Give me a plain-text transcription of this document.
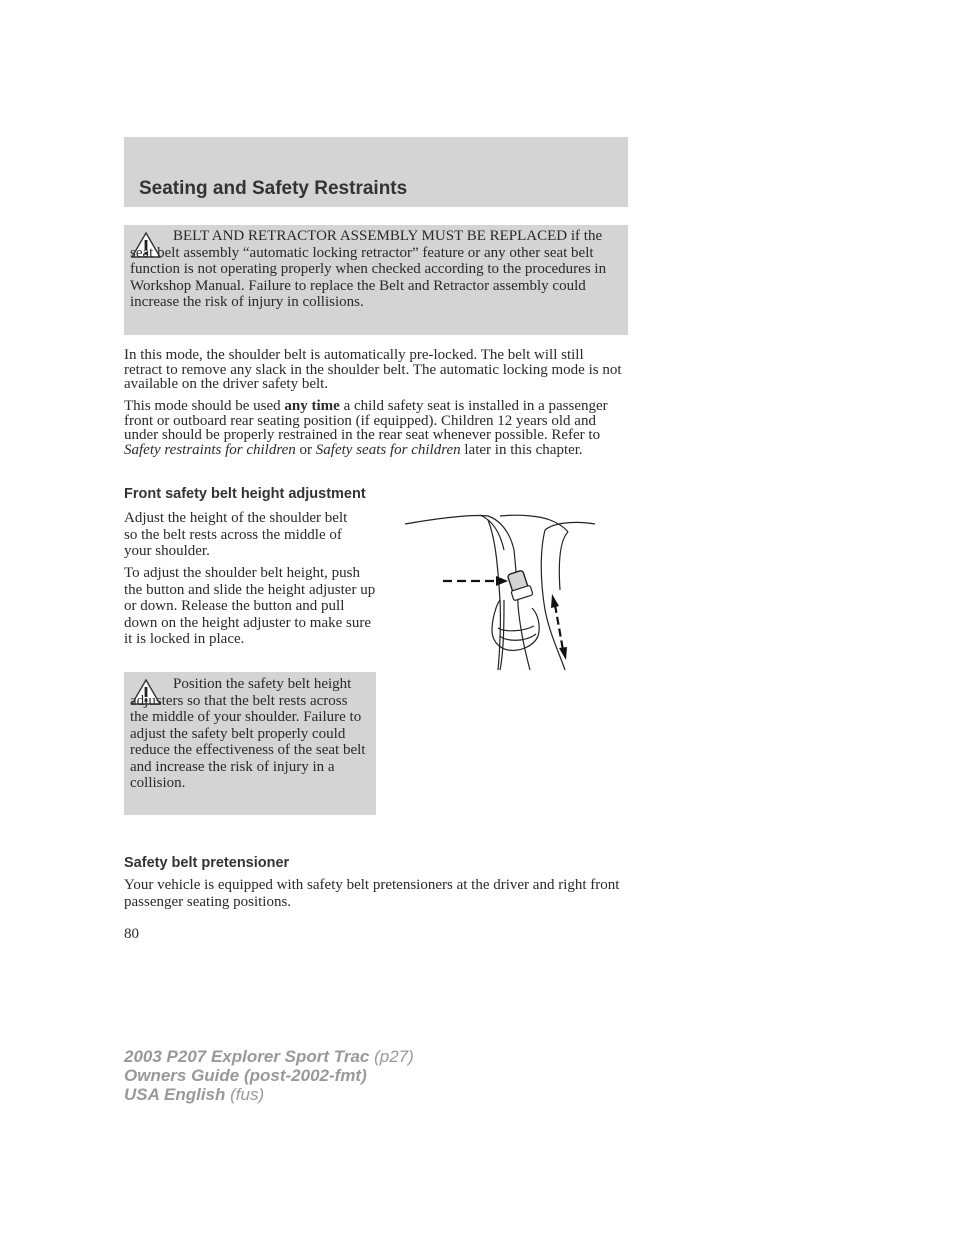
Seating and Safety Restraints

BELT AND RETRACTOR ASSEMBLY MUST BE REPLACED if the seat belt assembly “automatic locking retractor” feature or any other seat belt function is not operating properly when checked according to the procedures in Workshop Manual. Failure to replace the Belt and Retractor assembly could increase the risk of injury in collisions.

In this mode, the shoulder belt is automatically pre-locked. The belt will still retract to remove any slack in the shoulder belt. The automatic locking mode is not available on the driver safety belt.

This mode should be used any time a child safety seat is installed in a passenger front or outboard rear seating position (if equipped). Children 12 years old and under should be properly restrained in the rear seat whenever possible. Refer to Safety restraints for children or Safety seats for children later in this chapter.

Front safety belt height adjustment

Adjust the height of the shoulder belt so the belt rests across the middle of your shoulder.

To adjust the shoulder belt height, push the button and slide the height adjuster up or down. Release the button and pull down on the height adjuster to make sure it is locked in place.

Position the safety belt height adjusters so that the belt rests across the middle of your shoulder. Failure to adjust the safety belt properly could reduce the effectiveness of the seat belt and increase the risk of injury in a collision.

Safety belt pretensioner

Your vehicle is equipped with safety belt pretensioners at the driver and right front passenger seating positions.

80

2003 P207 Explorer Sport Trac (p27)
Owners Guide (post-2002-fmt)
USA English (fus)
